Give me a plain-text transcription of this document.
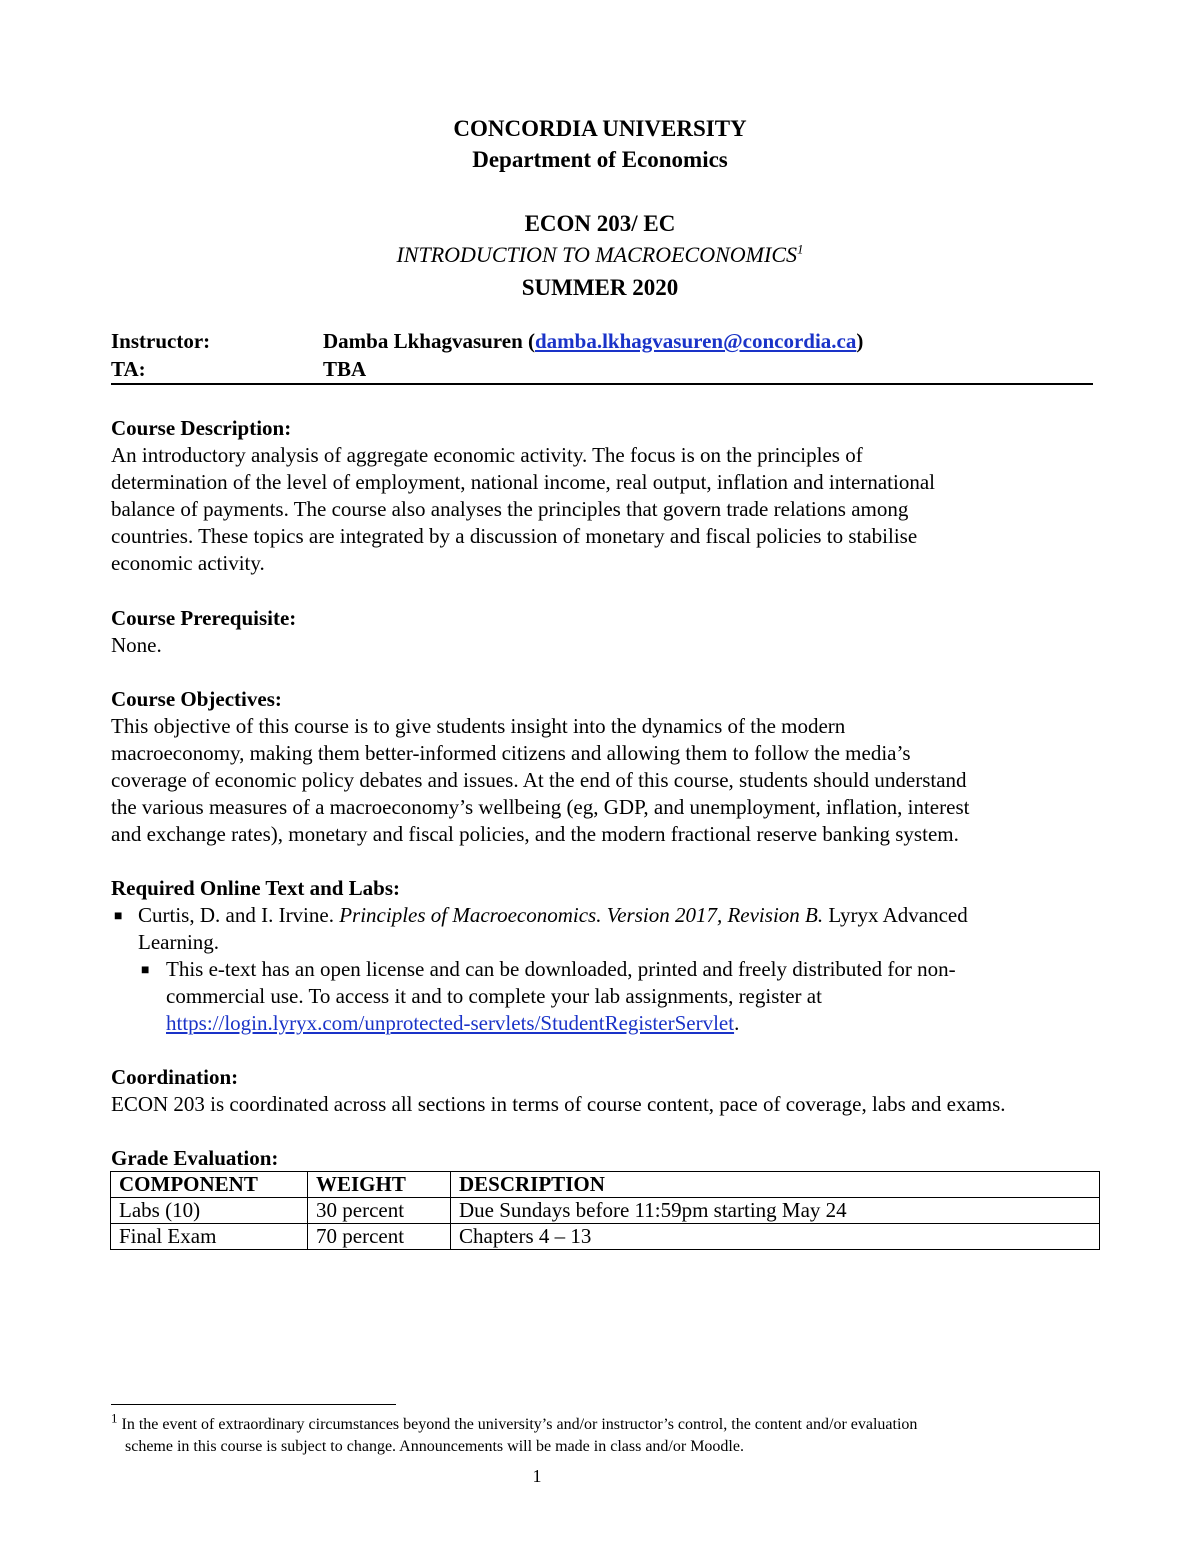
CONCORDIA UNIVERSITY
Department of Economics
ECON 203/ EC
INTRODUCTION TO MACROECONOMICS$^1$
SUMMER 2020
Instructor:	Damba Lkhagvasuren (damba.lkhagvasuren@concordia.ca)
TA:	TBA
Course Description:
An introductory analysis of aggregate economic activity. The focus is on the principles of
determination of the level of employment, national income, real output, inflation and international
balance of payments. The course also analyses the principles that govern trade relations among
countries. These topics are integrated by a discussion of monetary and fiscal policies to stabilise
economic activity.
Course Prerequisite:
None.
Course Objectives:
This objective of this course is to give students insight into the dynamics of the modern
macroeconomy, making them better-informed citizens and allowing them to follow the media’s
coverage of economic policy debates and issues. At the end of this course, students should understand
the various measures of a macroeconomy’s wellbeing (eg, GDP, and unemployment, inflation, interest
and exchange rates), monetary and fiscal policies, and the modern fractional reserve banking system.
Required Online Text and Labs:
■ Curtis, D. and I. Irvine. Principles of Macroeconomics. Version 2017, Revision B. Lyryx Advanced
Learning.
■ This e-text has an open license and can be downloaded, printed and freely distributed for non-
commercial use. To access it and to complete your lab assignments, register at
https://login.lyryx.com/unprotected-servlets/StudentRegisterServlet.
Coordination:
ECON 203 is coordinated across all sections in terms of course content, pace of coverage, labs and exams.
Grade Evaluation:
COMPONENT	WEIGHT	DESCRIPTION
Labs (10)	30 percent	Due Sundays before 11:59pm starting May 24
Final Exam	70 percent	Chapters 4 – 13
$^1$ In the event of extraordinary circumstances beyond the university’s and/or instructor’s control, the content and/or evaluation
scheme in this course is subject to change. Announcements will be made in class and/or Moodle.
1
